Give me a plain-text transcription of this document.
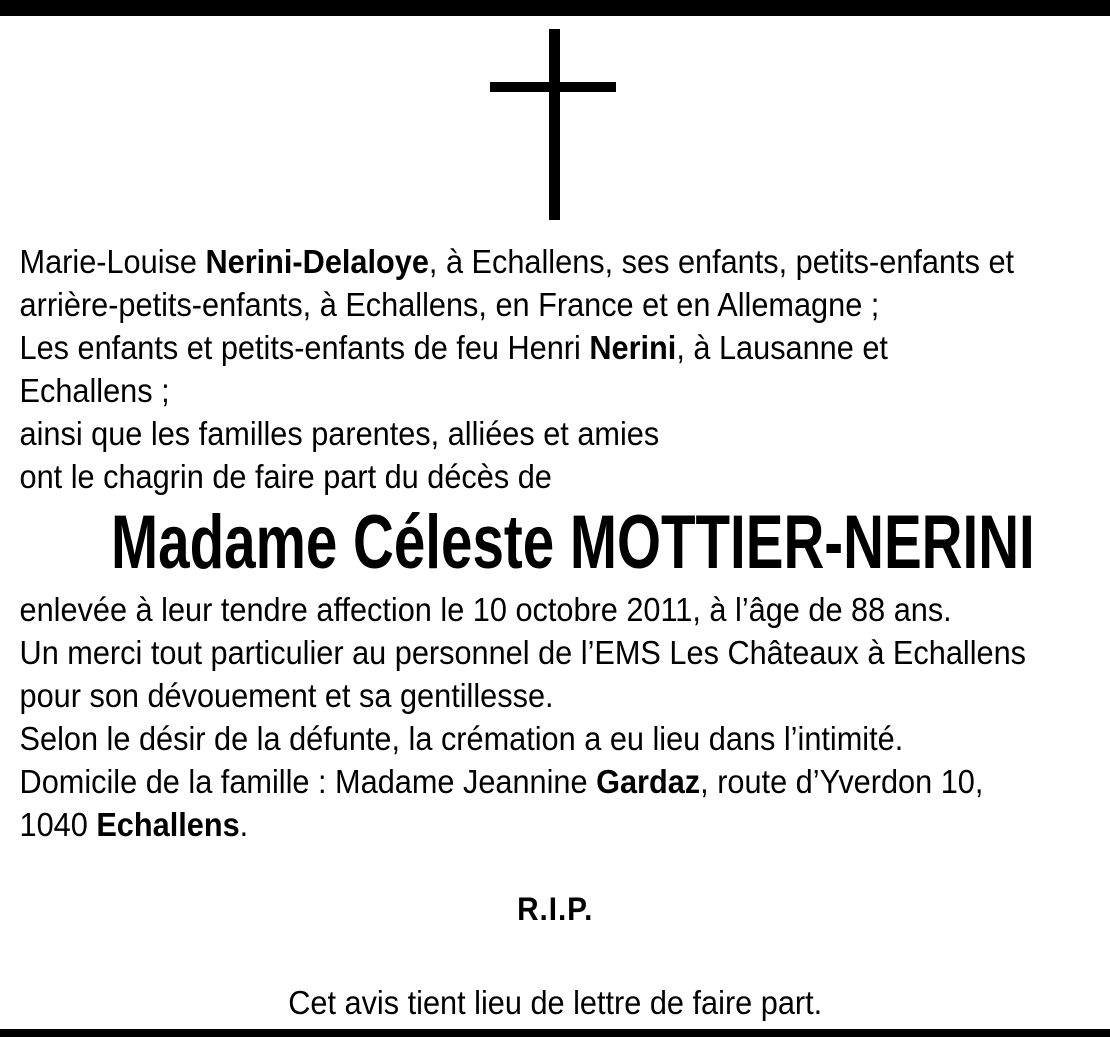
Marie-Louise Nerini-Delaloye, à Echallens, ses enfants, petits-enfants et
arrière-petits-enfants, à Echallens, en France et en Allemagne ;
Les enfants et petits-enfants de feu Henri Nerini, à Lausanne et
Echallens ;
ainsi que les familles parentes, alliées et amies
ont le chagrin de faire part du décès de
Madame Céleste MOTTIER-NERINI
enlevée à leur tendre affection le 10 octobre 2011, à l’âge de 88 ans.
Un merci tout particulier au personnel de l’EMS Les Châteaux à Echallens
pour son dévouement et sa gentillesse.
Selon le désir de la défunte, la crémation a eu lieu dans l’intimité.
Domicile de la famille : Madame Jeannine Gardaz, route d’Yverdon 10,
1040 Echallens.
R.I.P.
Cet avis tient lieu de lettre de faire part.
